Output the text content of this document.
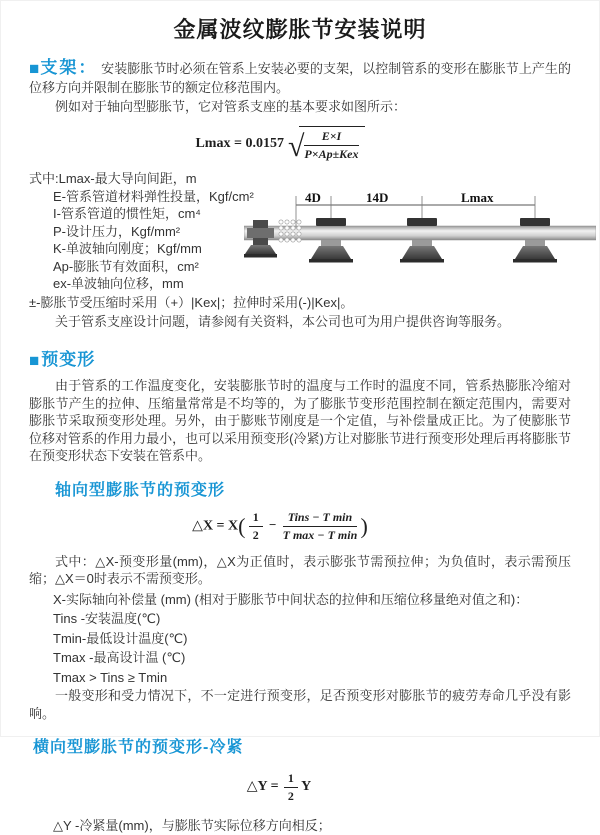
金属波纹膨胀节安装说明

■支架： 安装膨胀节时必须在管系上安装必要的支架，以控制管系的变形在膨胀节上产生的位移方向并限制在膨胀节的额定位移范围内。

例如对于轴向型膨胀节，它对管系支座的基本要求如图所示：

Lmax = 0.0157 √ $\frac{E\times I}{\text{P×Ap±Kex}}$
式中:Lmax-最大导向间距，m
E-管系管道材料弹性投量，Kgf/cm²
I-管系管道的惯性矩，cm⁴
P-设计压力，Kgf/mm²
K-单波轴向刚度；Kgf/mm
Ap-膨胀节有效面积，cm²
ex-单波轴向位移，mm
4D	14D	Lmax

±-膨胀节受压缩时采用（+）|Kex|；拉伸时采用(-)|Kex|。

关于管系支座设计问题，请参阅有关资料，本公司也可为用户提供咨询等服务。

■预变形

由于管系的工作温度变化，安装膨胀节时的温度与工作时的温度不同，管系热膨胀冷缩对膨胀节产生的拉伸、压缩量常常是不均等的，为了膨胀节变形范围控制在额定范围内，需要对膨胀节采取预变形处理。另外，由于膨账节刚度是一个定值，与补偿量成正比。为了使膨胀节位移对管系的作用力最小，也可以采用预变形(冷紧)方让对膨胀节进行预变形处理后再将膨胀节在预变形状态下安装在管系中。

轴向型膨胀节的预变形
△X = $X( \frac{1}{2} - \frac{\text{Tins − T min}}{\text{T max − T min}}$ )

式中：△X-预变形量(mm)，△X为正值时，表示膨张节需预拉伸；为负值时，表示需预压缩；△X＝0时表示不需预变形。

X-实际轴向补偿量 (mm) (相对于膨胀节中间状态的拉伸和压缩位移量绝对值之和)：
Tins -安装温度(℃)
Tmin-最低设计温度(℃)
Tmax -最高设计温 (℃)
Tmax > Tins ≥ Tmin

一般变形和受力情况下，不一定进行预变形，足否预变形对膨胀节的疲劳寿命几乎没有影响。

横向型膨胀节的预变形-冷紧
△Y = $\frac{1}{2}$ Y

△Y -冷紧量(mm)，与膨胀节实际位移方向相反；
